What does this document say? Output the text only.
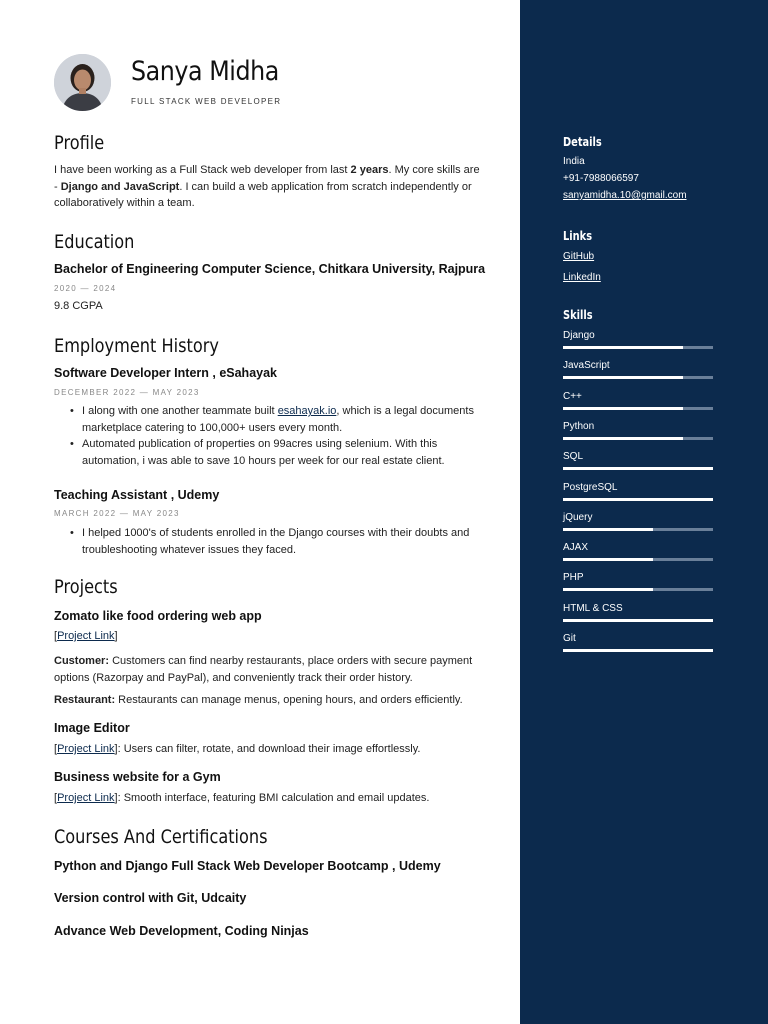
Sanya Midha
FULL STACK WEB DEVELOPER
Profile
I have been working as a Full Stack web developer from last 2 years. My core skills are - Django and JavaScript. I can build a web application from scratch independently or collaboratively within a team.
Education
Bachelor of Engineering Computer Science, Chitkara University, Rajpura
2020 — 2024
9.8 CGPA
Employment History
Software Developer Intern , eSahayak
DECEMBER 2022 — MAY 2023
• I along with one another teammate built esahayak.io, which is a legal documents marketplace catering to 100,000+ users every month.
• Automated publication of properties on 99acres using selenium. With this automation, i was able to save 10 hours per week for our real estate client.
Teaching Assistant , Udemy
MARCH 2022 — MAY 2023
• I helped 1000's of students enrolled in the Django courses with their doubts and troubleshooting whatever issues they faced.
Projects
Zomato like food ordering web app
[Project Link]
Customer: Customers can find nearby restaurants, place orders with secure payment options (Razorpay and PayPal), and conveniently track their order history.
Restaurant: Restaurants can manage menus, opening hours, and orders efficiently.
Image Editor
[Project Link]: Users can filter, rotate, and download their image effortlessly.
Business website for a Gym
[Project Link]: Smooth interface, featuring BMI calculation and email updates.
Courses And Certifications
Python and Django Full Stack Web Developer Bootcamp , Udemy
Version control with Git, Udcaity
Advance Web Development, Coding Ninjas
Details
India
+91-7988066597
sanyamidha.10@gmail.com
Links
GitHub
LinkedIn
Skills
Django
JavaScript
C++
Python
SQL
PostgreSQL
jQuery
AJAX
PHP
HTML & CSS
Git
